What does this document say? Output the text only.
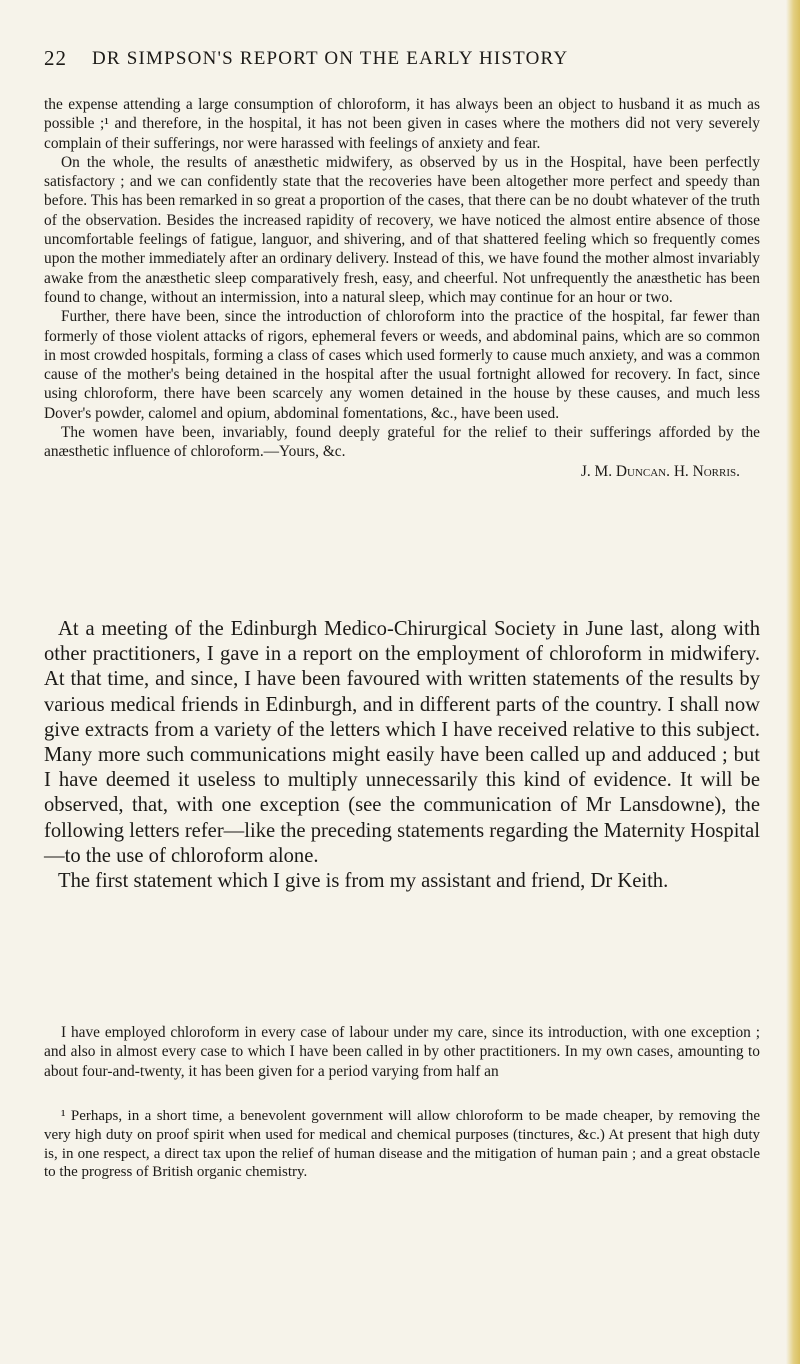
22 DR SIMPSON'S REPORT ON THE EARLY HISTORY

the expense attending a large consumption of chloroform, it has always been an object to husband it as much as possible ;¹ and therefore, in the hospital, it has not been given in cases where the mothers did not very severely complain of their sufferings, nor were harassed with feelings of anxiety and fear.

On the whole, the results of anæsthetic midwifery, as observed by us in the Hospital, have been perfectly satisfactory ; and we can confidently state that the recoveries have been altogether more perfect and speedy than before. This has been remarked in so great a proportion of the cases, that there can be no doubt whatever of the truth of the observation. Besides the increased rapidity of recovery, we have noticed the almost entire absence of those uncomfortable feelings of fatigue, languor, and shivering, and of that shattered feeling which so frequently comes upon the mother immediately after an ordinary delivery. Instead of this, we have found the mother almost invariably awake from the anæsthetic sleep comparatively fresh, easy, and cheerful. Not unfrequently the anæsthetic has been found to change, without an intermission, into a natural sleep, which may continue for an hour or two.

Further, there have been, since the introduction of chloroform into the practice of the hospital, far fewer than formerly of those violent attacks of rigors, ephemeral fevers or weeds, and abdominal pains, which are so common in most crowded hospitals, forming a class of cases which used formerly to cause much anxiety, and was a common cause of the mother's being detained in the hospital after the usual fortnight allowed for recovery. In fact, since using chloroform, there have been scarcely any women detained in the house by these causes, and much less Dover's powder, calomel and opium, abdominal fomentations, &c., have been used.

The women have been, invariably, found deeply grateful for the relief to their sufferings afforded by the anæsthetic influence of chloroform.—Yours, &c.

J. M. Duncan. H. Norris.

At a meeting of the Edinburgh Medico-Chirurgical Society in June last, along with other practitioners, I gave in a report on the employment of chloroform in midwifery. At that time, and since, I have been favoured with written statements of the results by various medical friends in Edinburgh, and in different parts of the country. I shall now give extracts from a variety of the letters which I have received relative to this subject. Many more such communications might easily have been called up and adduced ; but I have deemed it useless to multiply unnecessarily this kind of evidence. It will be observed, that, with one exception (see the communication of Mr Lansdowne), the following letters refer—like the preceding statements regarding the Maternity Hospital—to the use of chloroform alone.

The first statement which I give is from my assistant and friend, Dr Keith.

I have employed chloroform in every case of labour under my care, since its introduction, with one exception ; and also in almost every case to which I have been called in by other practitioners. In my own cases, amounting to about four-and-twenty, it has been given for a period varying from half an

¹ Perhaps, in a short time, a benevolent government will allow chloroform to be made cheaper, by removing the very high duty on proof spirit when used for medical and chemical purposes (tinctures, &c.) At present that high duty is, in one respect, a direct tax upon the relief of human disease and the mitigation of human pain ; and a great obstacle to the progress of British organic chemistry.
